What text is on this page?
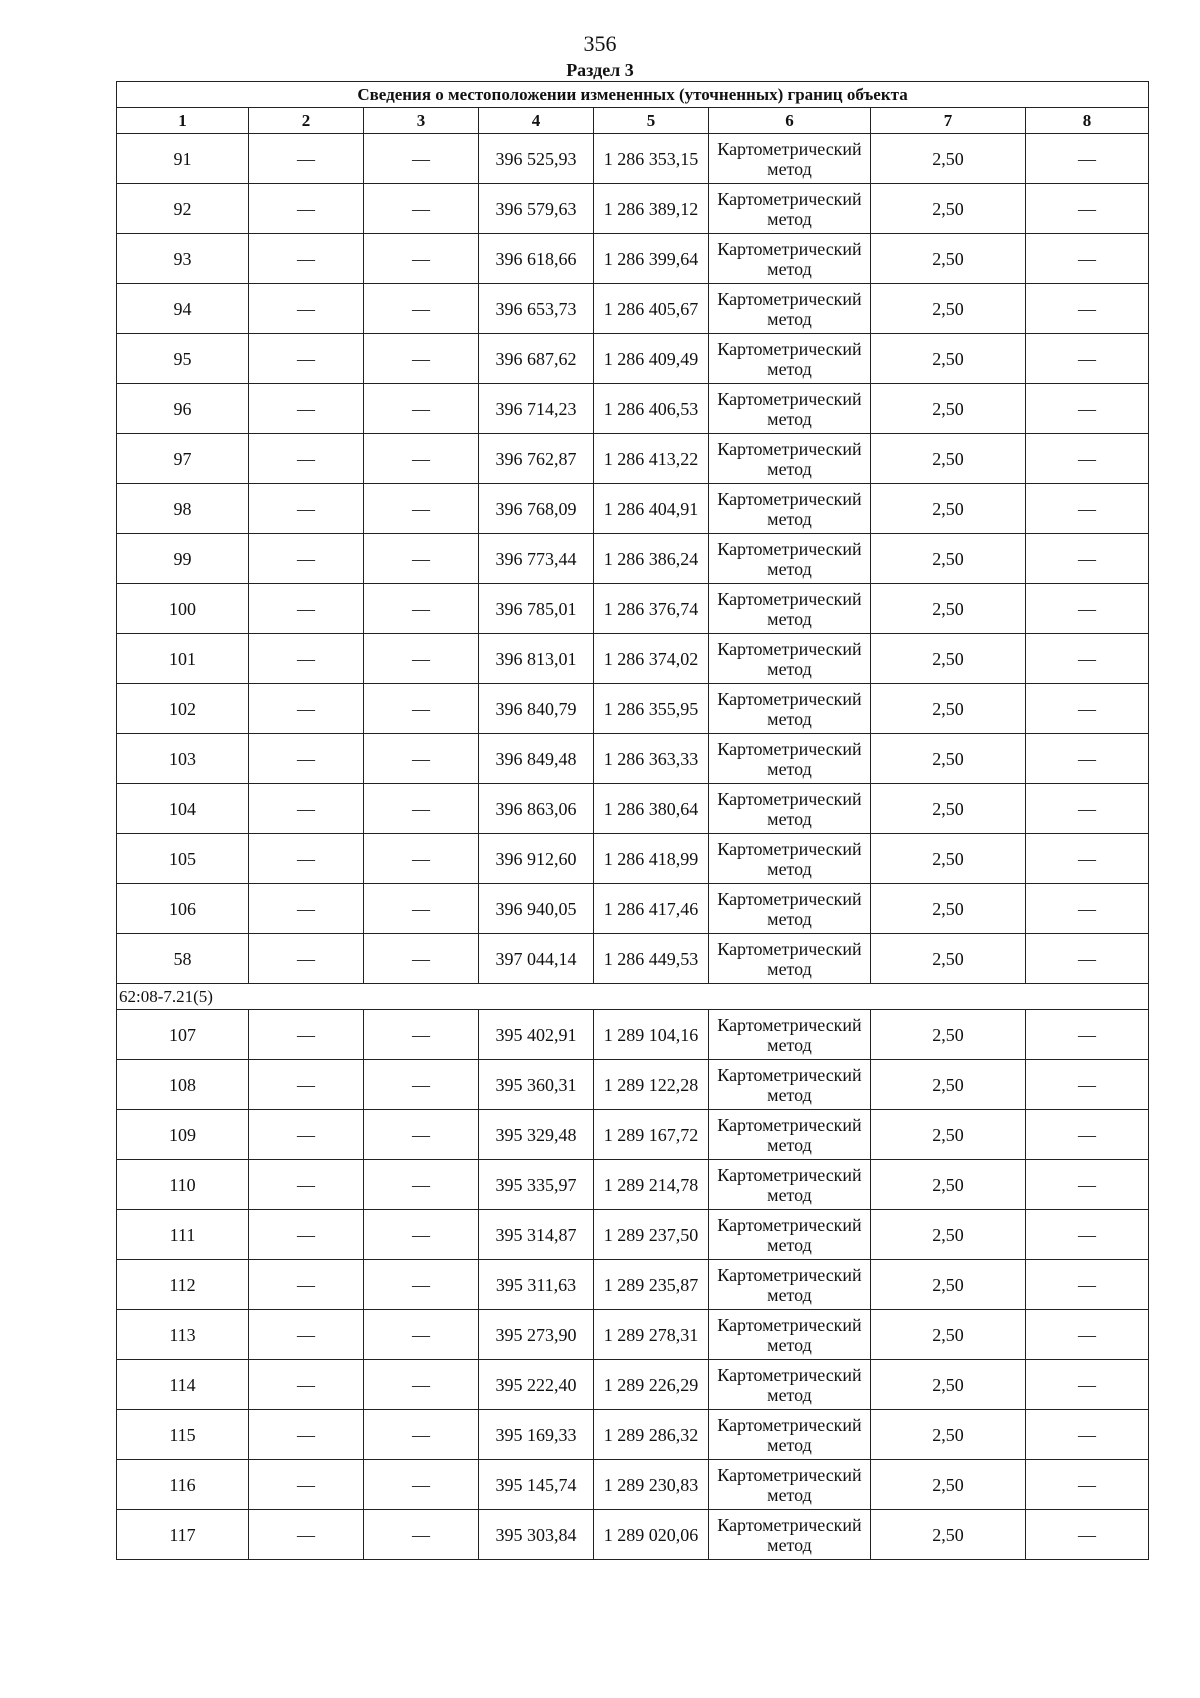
356
Раздел 3
Сведения о местоположении измененных (уточненных) границ объекта							
1	2	3	4	5	6	7	8
91	—	—	396 525,93	1 286 353,15	Картометрический метод	2,50	—
92	—	—	396 579,63	1 286 389,12	Картометрический метод	2,50	—
93	—	—	396 618,66	1 286 399,64	Картометрический метод	2,50	—
94	—	—	396 653,73	1 286 405,67	Картометрический метод	2,50	—
95	—	—	396 687,62	1 286 409,49	Картометрический метод	2,50	—
96	—	—	396 714,23	1 286 406,53	Картометрический метод	2,50	—
97	—	—	396 762,87	1 286 413,22	Картометрический метод	2,50	—
98	—	—	396 768,09	1 286 404,91	Картометрический метод	2,50	—
99	—	—	396 773,44	1 286 386,24	Картометрический метод	2,50	—
100	—	—	396 785,01	1 286 376,74	Картометрический метод	2,50	—
101	—	—	396 813,01	1 286 374,02	Картометрический метод	2,50	—
102	—	—	396 840,79	1 286 355,95	Картометрический метод	2,50	—
103	—	—	396 849,48	1 286 363,33	Картометрический метод	2,50	—
104	—	—	396 863,06	1 286 380,64	Картометрический метод	2,50	—
105	—	—	396 912,60	1 286 418,99	Картометрический метод	2,50	—
106	—	—	396 940,05	1 286 417,46	Картометрический метод	2,50	—
58	—	—	397 044,14	1 286 449,53	Картометрический метод	2,50	—
62:08-7.21(5)							
107	—	—	395 402,91	1 289 104,16	Картометрический метод	2,50	—
108	—	—	395 360,31	1 289 122,28	Картометрический метод	2,50	—
109	—	—	395 329,48	1 289 167,72	Картометрический метод	2,50	—
110	—	—	395 335,97	1 289 214,78	Картометрический метод	2,50	—
111	—	—	395 314,87	1 289 237,50	Картометрический метод	2,50	—
112	—	—	395 311,63	1 289 235,87	Картометрический метод	2,50	—
113	—	—	395 273,90	1 289 278,31	Картометрический метод	2,50	—
114	—	—	395 222,40	1 289 226,29	Картометрический метод	2,50	—
115	—	—	395 169,33	1 289 286,32	Картометрический метод	2,50	—
116	—	—	395 145,74	1 289 230,83	Картометрический метод	2,50	—
117	—	—	395 303,84	1 289 020,06	Картометрический метод	2,50	—
